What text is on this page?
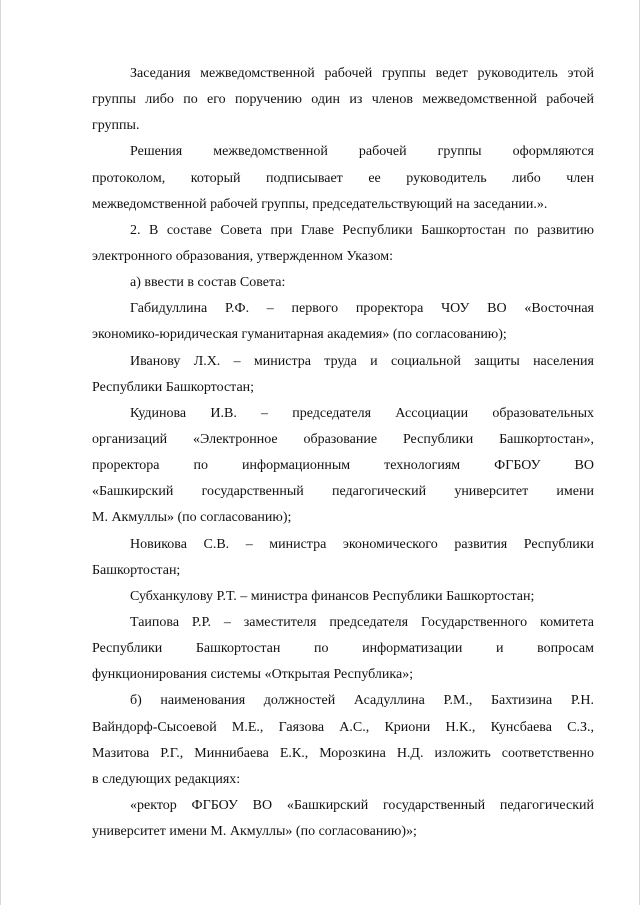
Заседания межведомственной рабочей группы ведет руководитель этой
группы либо по его поручению один из членов межведомственной рабочей
группы.
Решения межведомственной рабочей группы оформляются
протоколом, который подписывает ее руководитель либо член
межведомственной рабочей группы, председательствующий на заседании.».
2. В составе Совета при Главе Республики Башкортостан по развитию
электронного образования, утвержденном Указом:
а) ввести в состав Совета:
Габидуллина Р.Ф. – первого проректора ЧОУ ВО «Восточная
экономико-юридическая гуманитарная академия» (по согласованию);
Иванову Л.Х. – министра труда и социальной защиты населения
Республики Башкортостан;
Кудинова И.В. – председателя Ассоциации образовательных
организаций «Электронное образование Республики Башкортостан»,
проректора по информационным технологиям ФГБОУ ВО
«Башкирский государственный педагогический университет имени
М. Акмуллы» (по согласованию);
Новикова С.В. – министра экономического развития Республики
Башкортостан;
Субханкулову Р.Т. – министра финансов Республики Башкортостан;
Таипова Р.Р. – заместителя председателя Государственного комитета
Республики Башкортостан по информатизации и вопросам
функционирования системы «Открытая Республика»;
б) наименования должностей Асадуллина Р.М., Бахтизина Р.Н.
Вайндорф-Сысоевой М.Е., Гаязова А.С., Криони Н.К., Кунсбаева С.З.,
Мазитова Р.Г., Миннибаева Е.К., Морозкина Н.Д. изложить соответственно
в следующих редакциях:
«ректор ФГБОУ ВО «Башкирский государственный педагогический
университет имени М. Акмуллы» (по согласованию)»;
